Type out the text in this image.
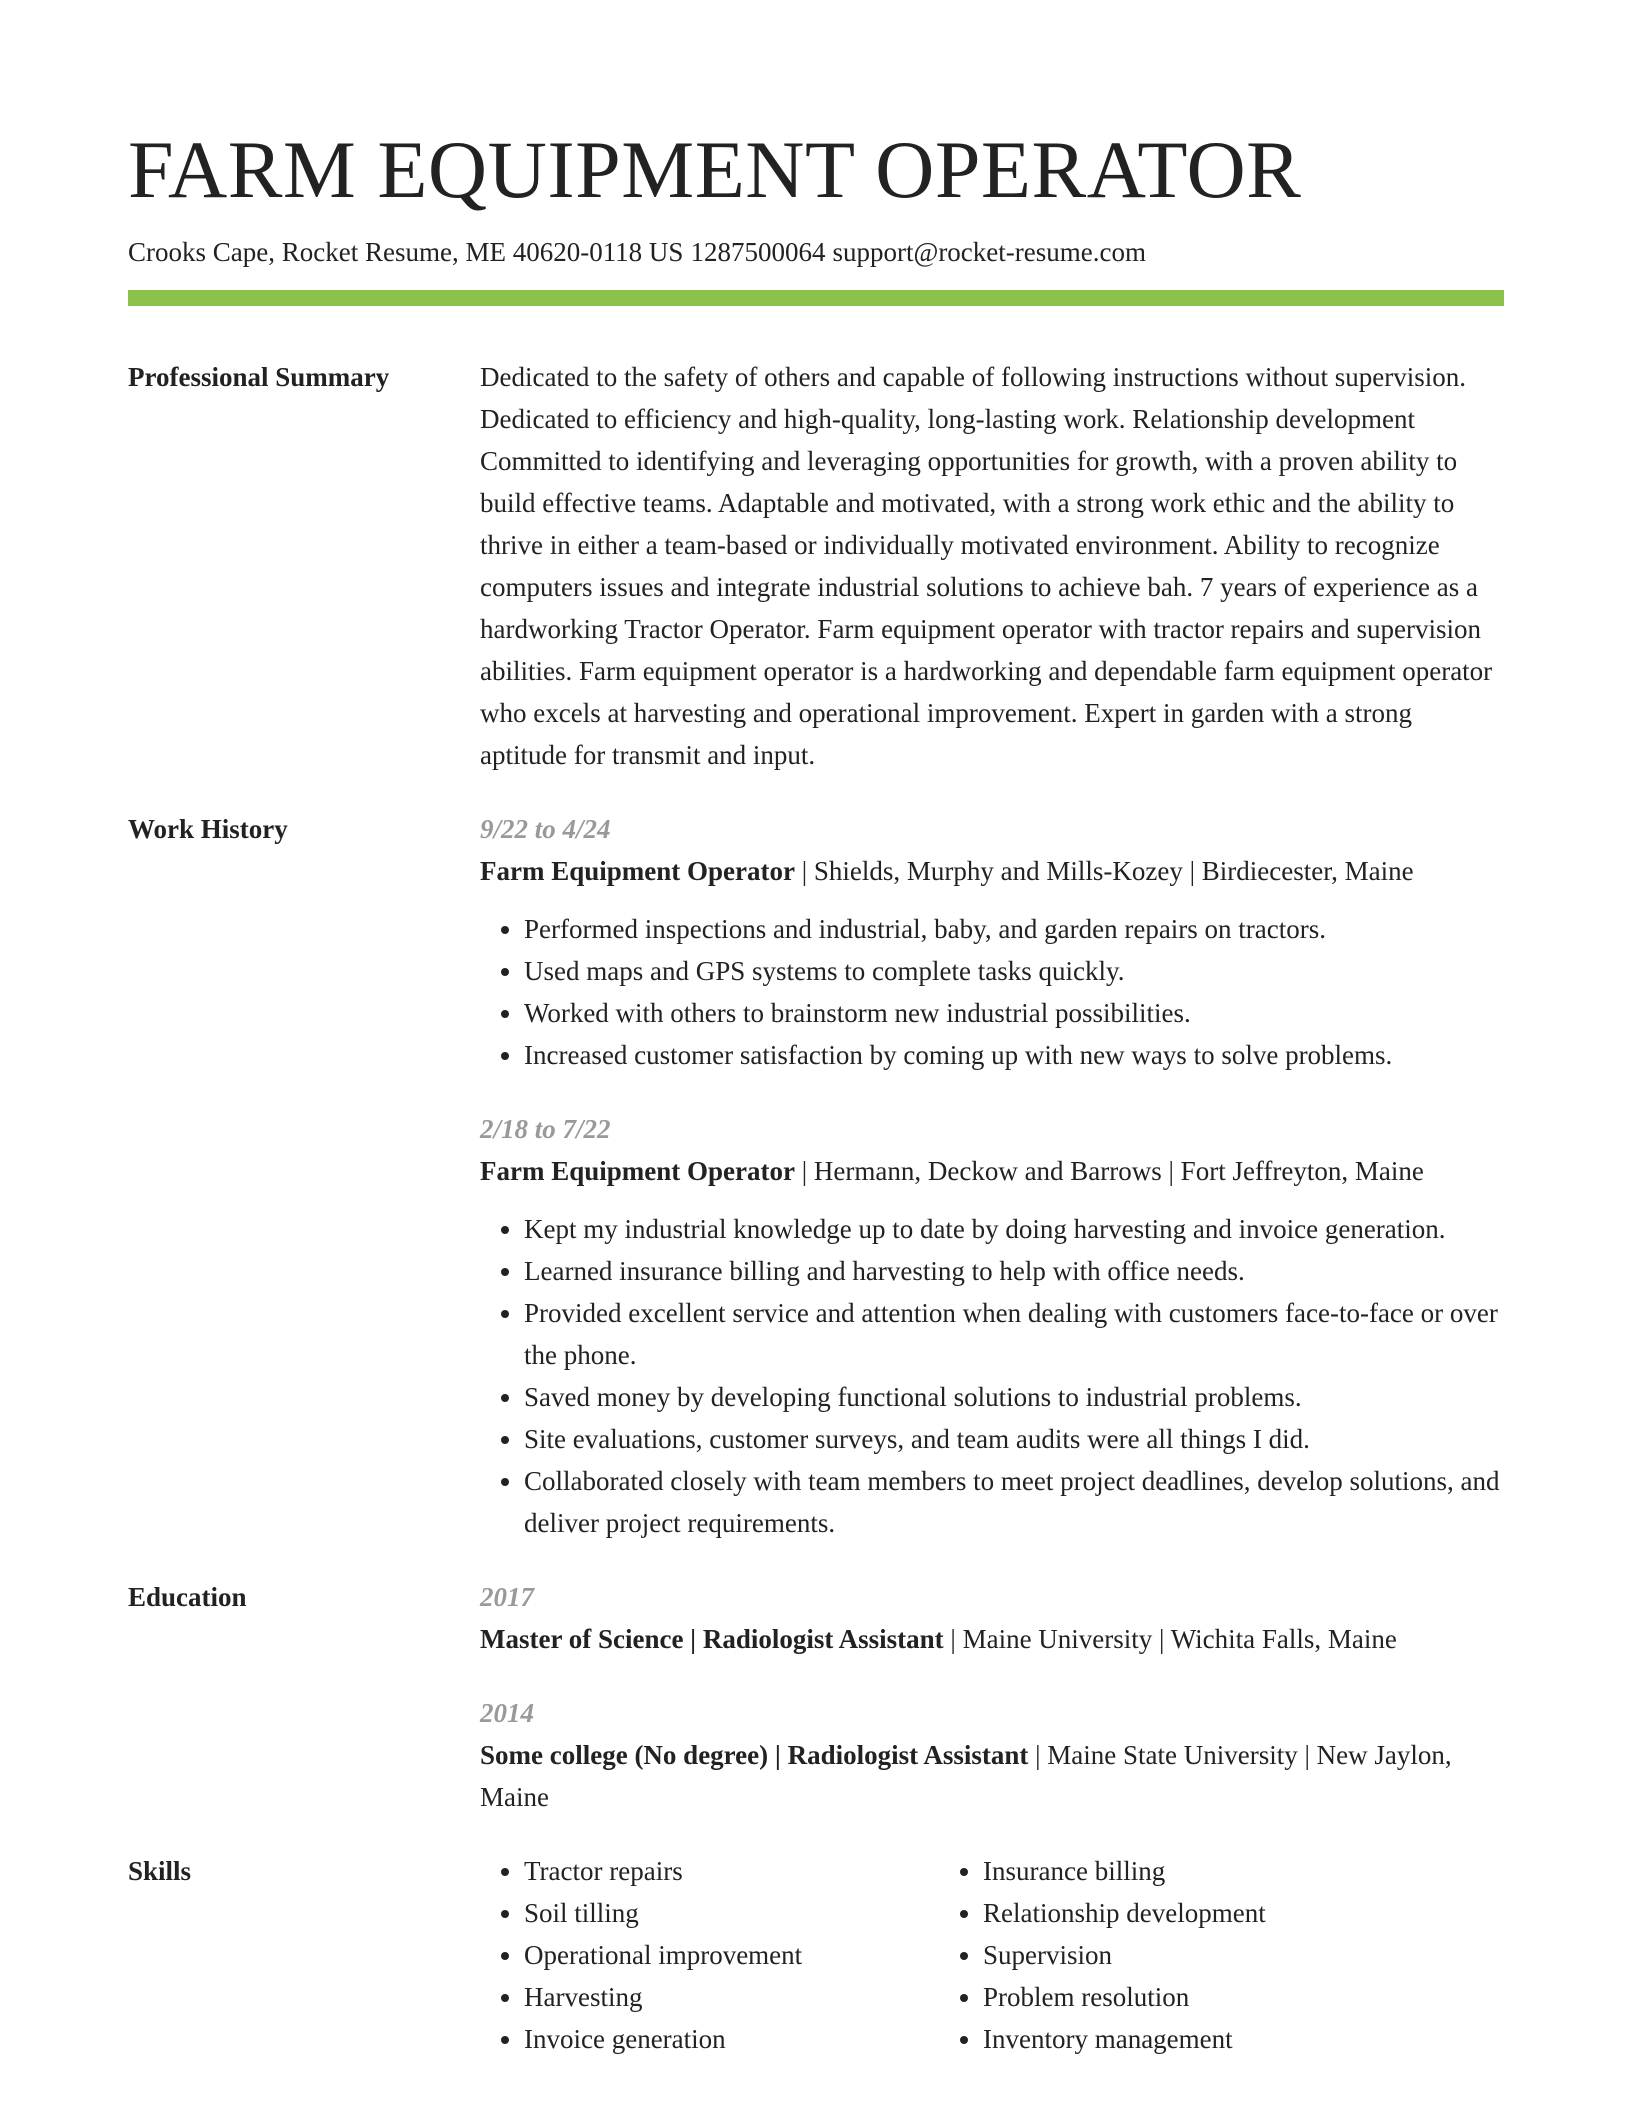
FARM EQUIPMENT OPERATOR
Crooks Cape, Rocket Resume, ME 40620-0118 US 1287500064 support@rocket-resume.com
Professional Summary	Dedicated to the safety of others and capable of following instructions without supervision. Dedicated to efficiency and high-quality, long-lasting work. Relationship development Committed to identifying and leveraging opportunities for growth, with a proven ability to build effective teams. Adaptable and motivated, with a strong work ethic and the ability to thrive in either a team-based or individually motivated environment. Ability to recognize computers issues and integrate industrial solutions to achieve bah. 7 years of experience as a hardworking Tractor Operator. Farm equipment operator with tractor repairs and supervision abilities. Farm equipment operator is a hardworking and dependable farm equipment operator who excels at harvesting and operational improvement. Expert in garden with a strong aptitude for transmit and input.

Work History	9/22 to 4/24
Farm Equipment Operator | Shields, Murphy and Mills-Kozey | Birdiecester, Maine
• Performed inspections and industrial, baby, and garden repairs on tractors.
• Used maps and GPS systems to complete tasks quickly.
• Worked with others to brainstorm new industrial possibilities.
• Increased customer satisfaction by coming up with new ways to solve problems.
2/18 to 7/22
Farm Equipment Operator | Hermann, Deckow and Barrows | Fort Jeffreyton, Maine
• Kept my industrial knowledge up to date by doing harvesting and invoice generation.
• Learned insurance billing and harvesting to help with office needs.
• Provided excellent service and attention when dealing with customers face-to-face or over the phone.
• Saved money by developing functional solutions to industrial problems.
• Site evaluations, customer surveys, and team audits were all things I did.
• Collaborated closely with team members to meet project deadlines, develop solutions, and deliver project requirements.
Education	2017
Master of Science | Radiologist Assistant | Maine University | Wichita Falls, Maine
2014
Some college (No degree) | Radiologist Assistant | Maine State University | New Jaylon, Maine
Skills
•	Tractor repairs
• Soil tilling
• Operational improvement
• Harvesting
• Invoice generation
• Insurance billing
• Relationship development
• Supervision
• Problem resolution
• Inventory management
